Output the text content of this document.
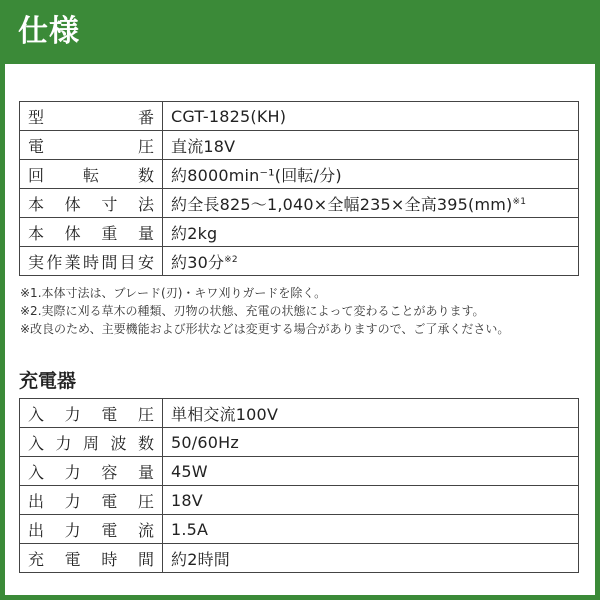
仕様
型番	CGT-1825(KH)
電圧	直流18V
回転数	約8000min⁻¹(回転/分)
本体寸法	約全長825〜1,040×全幅235×全高395(mm)$^{※1}$
本体重量	約2kg
実作業時間目安	約30分$^{※2}$
※1.本体寸法は、ブレード(刃)・キワ刈りガードを除く。
※2.実際に刈る草木の種類、刃物の状態、充電の状態によって変わることがあります。
※改良のため、主要機能および形状などは変更する場合がありますので、ご了承ください。
充電器
入力電圧	単相交流100V
入力周波数	50/60Hz
入力容量	45W
出力電圧	18V
出力電流	1.5A
充電時間	約2時間
